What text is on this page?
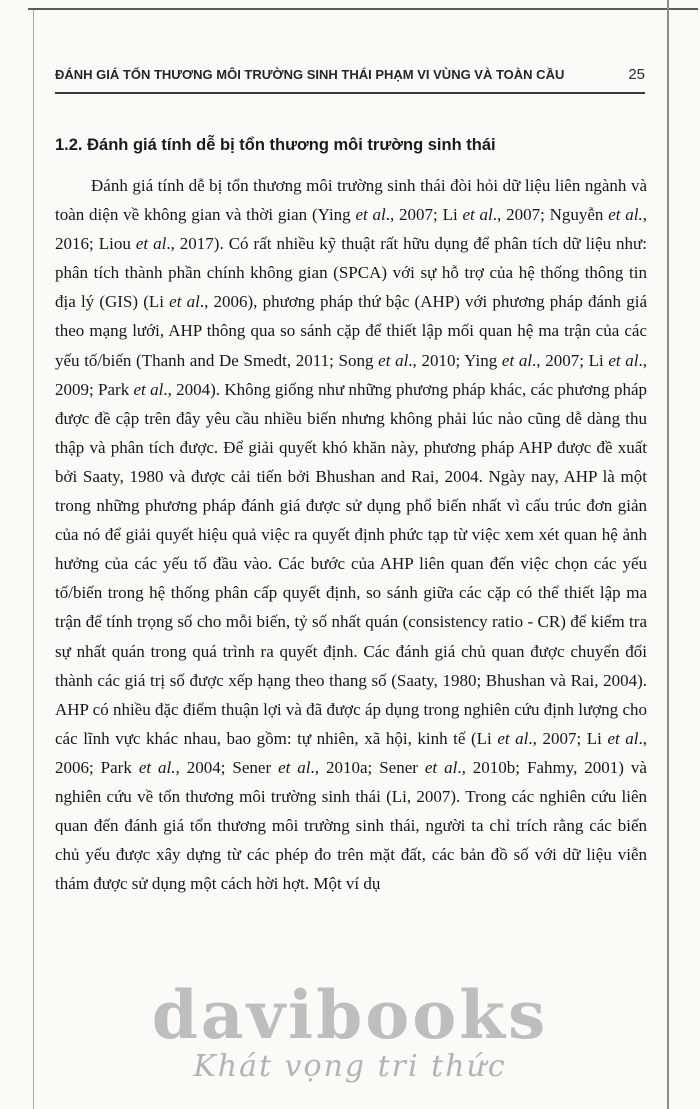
ĐÁNH GIÁ TỔN THƯƠNG MÔI TRƯỜNG SINH THÁI PHẠM VI VÙNG VÀ TOÀN CẦU	25
1.2. Đánh giá tính dễ bị tổn thương môi trường sinh thái

Đánh giá tính dễ bị tổn thương môi trường sinh thái đòi hỏi dữ liệu liên ngành và toàn diện về không gian và thời gian (Ying et al., 2007; Li et al., 2007; Nguyễn et al., 2016; Liou et al., 2017). Có rất nhiều kỹ thuật rất hữu dụng để phân tích dữ liệu như: phân tích thành phần chính không gian (SPCA) với sự hỗ trợ của hệ thống thông tin địa lý (GIS) (Li et al., 2006), phương pháp thứ bậc (AHP) với phương pháp đánh giá theo mạng lưới, AHP thông qua so sánh cặp để thiết lập mối quan hệ ma trận của các yếu tố/biến (Thanh and De Smedt, 2011; Song et al., 2010; Ying et al., 2007; Li et al., 2009; Park et al., 2004). Không giống như những phương pháp khác, các phương pháp được đề cập trên đây yêu cầu nhiều biến nhưng không phải lúc nào cũng dễ dàng thu thập và phân tích được. Để giải quyết khó khăn này, phương pháp AHP được đề xuất bởi Saaty, 1980 và được cải tiến bởi Bhushan and Rai, 2004. Ngày nay, AHP là một trong những phương pháp đánh giá được sử dụng phổ biến nhất vì cấu trúc đơn giản của nó để giải quyết hiệu quả việc ra quyết định phức tạp từ việc xem xét quan hệ ảnh hưởng của các yếu tố đầu vào. Các bước của AHP liên quan đến việc chọn các yếu tố/biến trong hệ thống phân cấp quyết định, so sánh giữa các cặp có thể thiết lập ma trận để tính trọng số cho mỗi biến, tỷ số nhất quán (consistency ratio - CR) để kiểm tra sự nhất quán trong quá trình ra quyết định. Các đánh giá chủ quan được chuyển đổi thành các giá trị số được xếp hạng theo thang số (Saaty, 1980; Bhushan và Rai, 2004). AHP có nhiều đặc điểm thuận lợi và đã được áp dụng trong nghiên cứu định lượng cho các lĩnh vực khác nhau, bao gồm: tự nhiên, xã hội, kinh tế (Li et al., 2007; Li et al., 2006; Park et al., 2004; Sener et al., 2010a; Sener et al., 2010b; Fahmy, 2001) và nghiên cứu về tổn thương môi trường sinh thái (Li, 2007). Trong các nghiên cứu liên quan đến đánh giá tổn thương môi trường sinh thái, người ta chỉ trích rằng các biến chủ yếu được xây dựng từ các phép đo trên mặt đất, các bản đồ số với dữ liệu viễn thám được sử dụng một cách hời hợt. Một ví dụ

davibooks
Khát vọng tri thức
